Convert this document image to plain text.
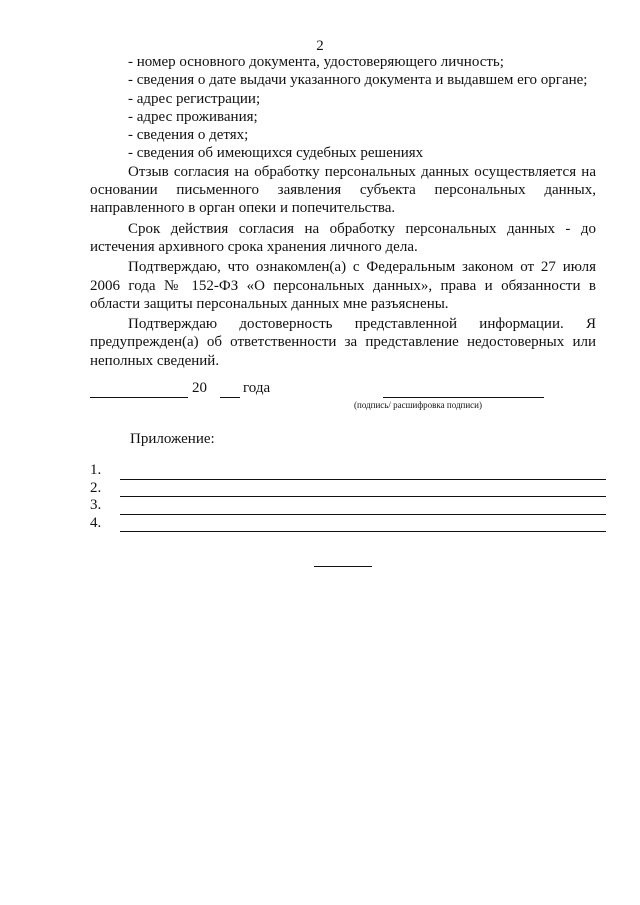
2
- номер основного документа, удостоверяющего личность;
- сведения о дате выдачи указанного документа и выдавшем его органе;
- адрес регистрации;
- адрес проживания;
- сведения о детях;
- сведения об имеющихся судебных решениях
Отзыв согласия на обработку персональных данных осуществляется на основании письменного заявления субъекта персональных данных, направленного в орган опеки и попечительства.
Срок действия согласия на обработку персональных данных - до истечения архивного срока хранения личного дела.
Подтверждаю, что ознакомлен(а) с Федеральным законом от 27 июля 2006 года № 152-ФЗ «О персональных данных», права и обязанности в области защиты персональных данных мне разъяснены.
Подтверждаю достоверность представленной информации. Я предупрежден(а) об ответственности за представление недостоверных или неполных сведений.
20 года
(подпись/ расшифровка подписи)
Приложение:
1.
2.
3.
4.
